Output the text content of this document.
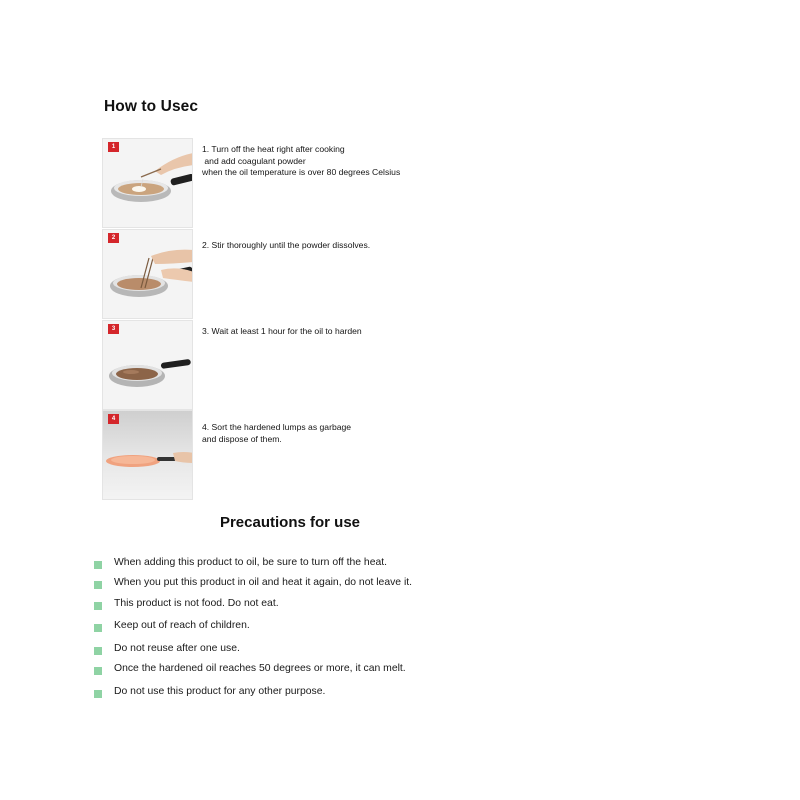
How to Usec
1	1. Turn off the heat right after cooking
and add coagulant powder
when the oil temperature is over 80 degrees Celsius
2
2. Stir thoroughly until the powder dissolves.
3	3. Wait at least 1 hour for the oil to harden
4
4. Sort the hardened lumps as garbage
and dispose of them.
Precautions for use
When adding this product to oil, be sure to turn off the heat.
When you put this product in oil and heat it again, do not leave it.
This product is not food. Do not eat.
Keep out of reach of children.
Do not reuse after one use.
Once the hardened oil reaches 50 degrees or more, it can melt.
Do not use this product for any other purpose.
